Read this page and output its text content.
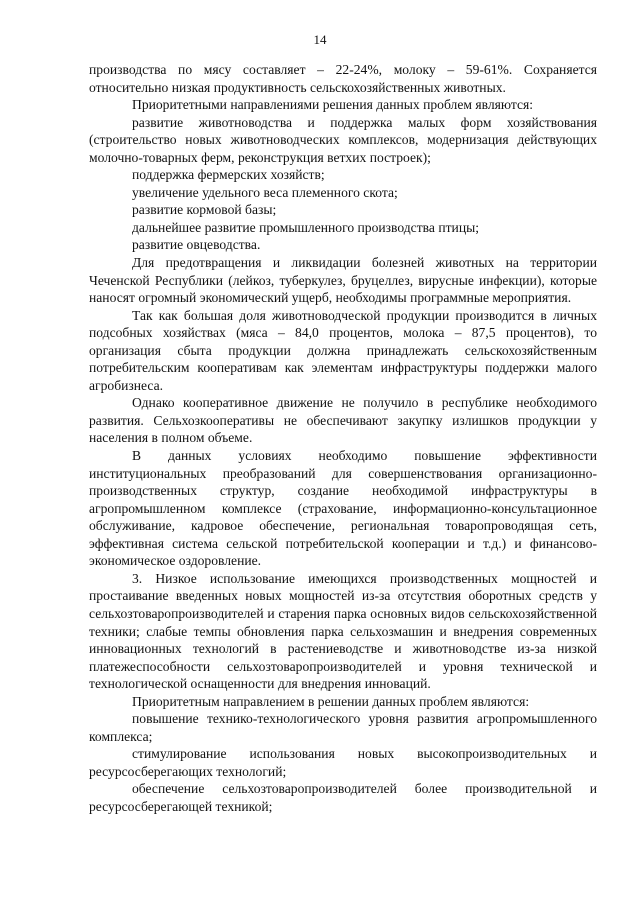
14

производства по мясу составляет – 22-24%, молоку – 59-61%. Сохраняется относительно низкая продуктивность сельскохозяйственных животных.

Приоритетными направлениями решения данных проблем являются:

развитие животноводства и поддержка малых форм хозяйствования (строительство новых животноводческих комплексов, модернизация действующих молочно-товарных ферм, реконструкция ветхих построек);

поддержка фермерских хозяйств;

увеличение удельного веса племенного скота;

развитие кормовой базы;

дальнейшее развитие промышленного производства птицы;

развитие овцеводства.

Для предотвращения и ликвидации болезней животных на территории Чеченской Республики (лейкоз, туберкулез, бруцеллез, вирусные инфекции), которые наносят огромный экономический ущерб, необходимы программные мероприятия.

Так как большая доля животноводческой продукции производится в личных подсобных хозяйствах (мяса – 84,0 процентов, молока – 87,5 процентов), то организация сбыта продукции должна принадлежать сельскохозяйственным потребительским кооперативам как элементам инфраструктуры поддержки малого агробизнеса.

Однако кооперативное движение не получило в республике необходимого развития. Сельхозкооперативы не обеспечивают закупку излишков продукции у населения в полном объеме.

В данных условиях необходимо повышение эффективности институциональных преобразований для совершенствования организационно-производственных структур, создание необходимой инфраструктуры в агропромышленном комплексе (страхование, информационно-консультационное обслуживание, кадровое обеспечение, региональная товаропроводящая сеть, эффективная система сельской потребительской кооперации и т.д.) и финансово-экономическое оздоровление.

3. Низкое использование имеющихся производственных мощностей и простаивание введенных новых мощностей из-за отсутствия оборотных средств у сельхозтоваропроизводителей и старения парка основных видов сельскохозяйственной техники; слабые темпы обновления парка сельхозмашин и внедрения современных инновационных технологий в растениеводстве и животноводстве из-за низкой платежеспособности сельхозтоваропроизводителей и уровня технической и технологической оснащенности для внедрения инноваций.

Приоритетным направлением в решении данных проблем являются:

повышение технико-технологического уровня развития агропромышленного комплекса;

стимулирование использования новых высокопроизводительных и ресурсосберегающих технологий;

обеспечение сельхозтоваропроизводителей более производительной и ресурсосберегающей техникой;
